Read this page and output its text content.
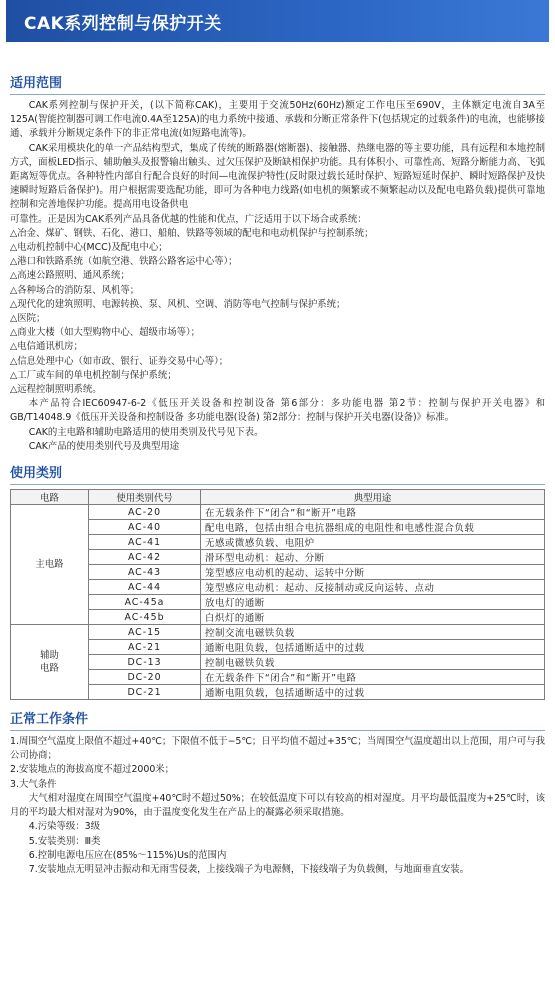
CAK系列控制与保护开关
适用范围

CAK系列控制与保护开关，(以下简称CAK)，主要用于交流50Hz(60Hz)额定工作电压至690V，主体额定电流自3A至125A(智能控制器可调工作电流0.4A至125A)的电力系统中接通、承载和分断正常条件下(包括规定的过载条件)的电流，也能够接通、承载并分断规定条件下的非正常电流(如短路电流等)。

CAK采用模块化的单一产品结构型式，集成了传统的断路器(熔断器)、接触器、热继电器的等主要功能，具有远程和本地控制方式，面板LED指示、辅助触头及报警输出触头、过欠压保护及断缺相保护功能。具有体积小、可靠性高、短路分断能力高、飞弧距离短等优点。各种特性内部自行配合良好的时间—电流保护特性(反时限过载长延时保护、短路短延时保护、瞬时短路保护及快速瞬时短路后备保护)。用户根据需要选配功能，即可为各种电力线路(如电机的频繁或不频繁起动以及配电电路负载)提供可靠地控制和完善地保护功能。提高用电设备供电

可靠性。正是因为CAK系列产品具备优越的性能和优点，广泛适用于以下场合或系统：

△冶金、煤矿、钢铁、石化、港口、船舶、铁路等领域的配电和电动机保护与控制系统；
△电动机控制中心(MCC)及配电中心；
△港口和铁路系统（如航空港、铁路公路客运中心等）；
△高速公路照明、通风系统；
△各种场合的消防泵、风机等；
△现代化的建筑照明、电源转换、泵、风机、空调、消防等电气控制与保护系统；
△医院；
△商业大楼（如大型购物中心、超级市场等）；
△电信通讯机房；
△信息处理中心（如市政、银行、证券交易中心等）；
△工厂或车间的单电机控制与保护系统；
△远程控制照明系统。

本产品符合IEC60947-6-2《低压开关设备和控制设备 第6部分：多功能电器 第2节：控制与保护开关电器》和GB/T14048.9《低压开关设备和控制设备 多功能电器(设备) 第2部分：控制与保护开关电器(设备)》标准。

CAK的主电路和辅助电路适用的使用类别及代号见下表。

CAK产品的使用类别代号及典型用途

使用类别
电路	使用类别代号	典型用途
主电路	AC-20	在无载条件下“闭合”和“断开”电路
	AC-40	配电电路，包括由组合电抗器组成的电阻性和电感性混合负载
	AC-41	无感或微感负载、电阻炉
	AC-42	滑环型电动机：起动、分断
	AC-43	笼型感应电动机的起动、运转中分断
	AC-44	笼型感应电动机：起动、反接制动或反向运转、点动
	AC-45a	放电灯的通断
	AC-45b	白炽灯的通断
辅助
电路	AC-15	控制交流电磁铁负载
	AC-21	通断电阻负载，包括通断适中的过载
	DC-13	控制电磁铁负载
	DC-20	在无载条件下“闭合”和“断开”电路
	DC-21	通断电阻负载，包括通断适中的过载
正常工作条件

1.周围空气温度上限值不超过+40℃；下限值不低于−5℃；日平均值不超过+35℃；当周围空气温度超出以上范围，用户可与我公司协商；

2.安装地点的海拔高度不超过2000米；

3.大气条件

大气相对湿度在周围空气温度+40℃时不超过50%；在较低温度下可以有较高的相对湿度。月平均最低温度为+25℃时，该月的平均最大相对湿对为90%，由于温度变化发生在产品上的凝露必须采取措施。

4.污染等级：3级

5.安装类别：Ⅲ类

6.控制电源电压应在(85%～115%)Us的范围内

7.安装地点无明显冲击振动和无雨雪侵袭，上接线端子为电源侧，下接线端子为负载侧，与地面垂直安装。
